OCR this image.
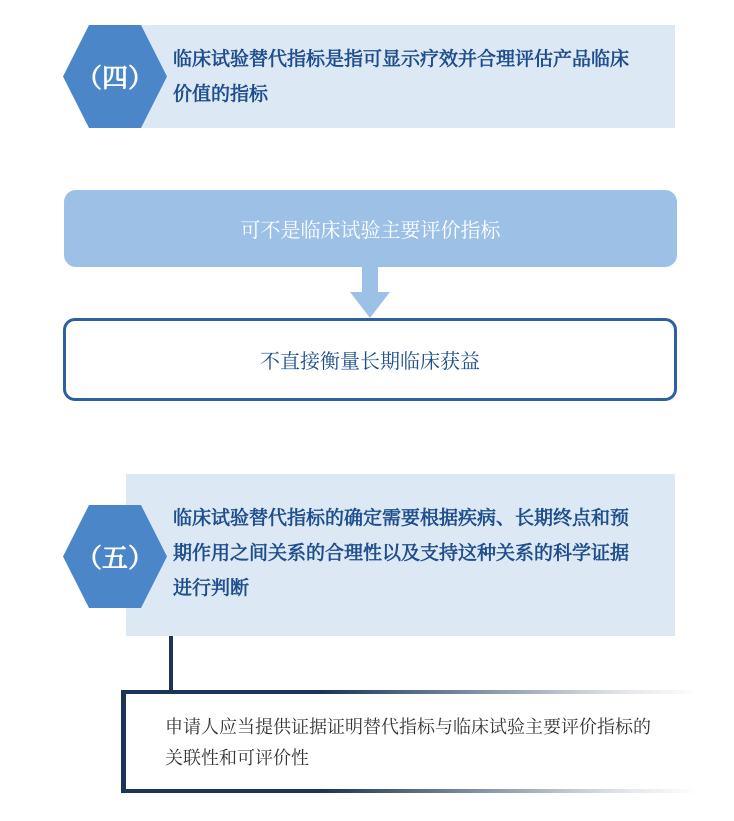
临床试验替代指标是指可显示疗效并合理评估产品临床价值的指标
（四）
可不是临床试验主要评价指标
不直接衡量长期临床获益
临床试验替代指标的确定需要根据疾病、长期终点和预期作用之间关系的合理性以及支持这种关系的科学证据进行判断
（五）
申请人应当提供证据证明替代指标与临床试验主要评价指标的关联性和可评价性
